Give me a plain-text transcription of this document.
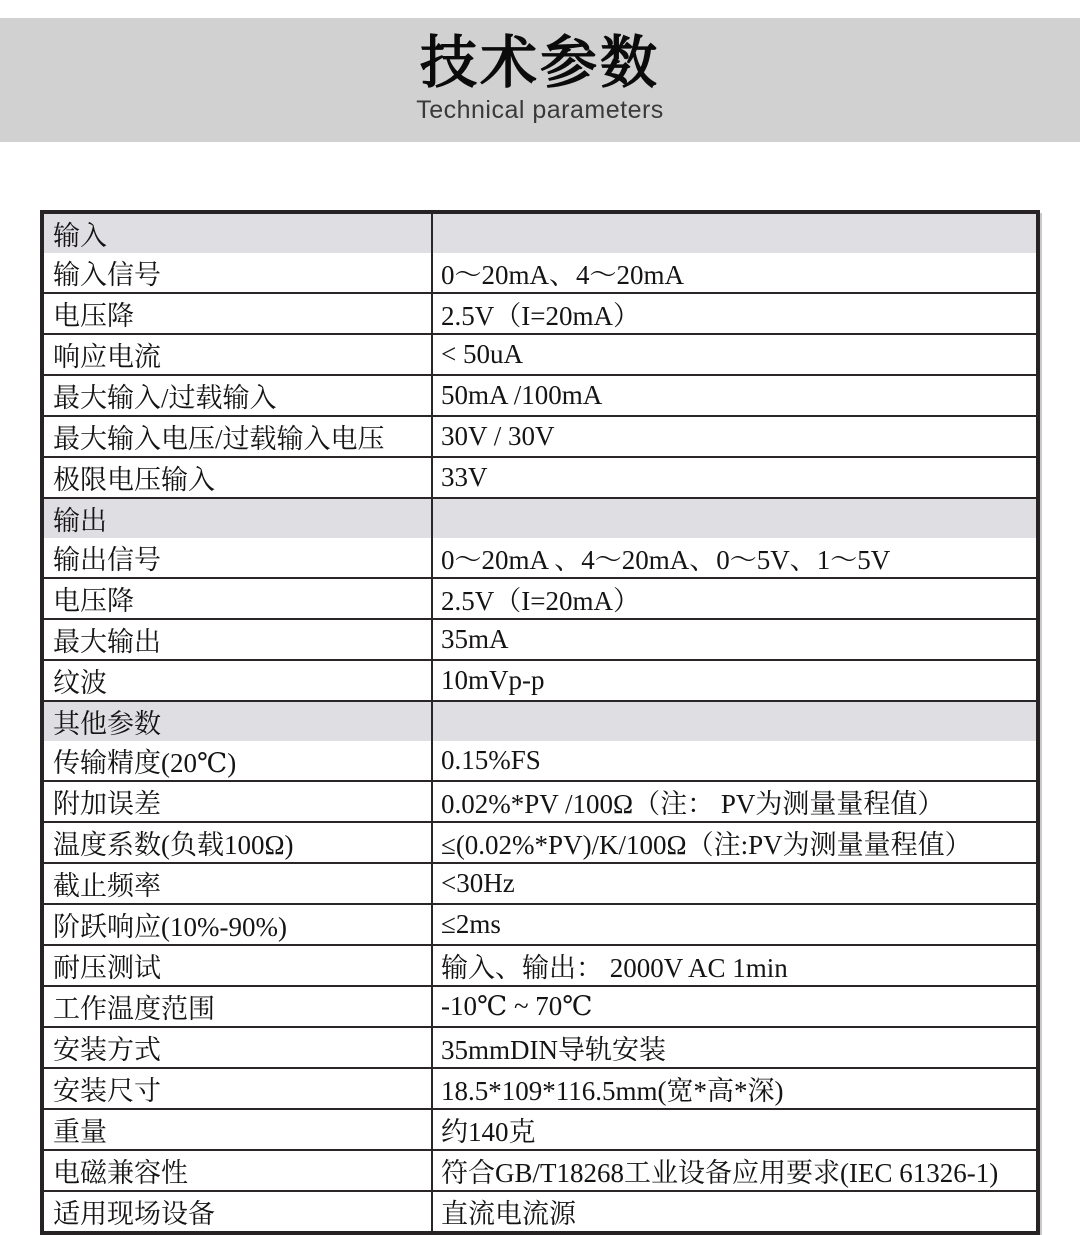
技术参数
Technical parameters
输入	
输入信号	0～20mA、4～20mA
电压降	2.5V（I=20mA）
响应电流	< 50uA
最大输入/过载输入	50mA /100mA
最大输入电压/过载输入电压	30V / 30V
极限电压输入	33V
输出	
输出信号	0～20mA 、4～20mA、0～5V、1～5V
电压降	2.5V（I=20mA）
最大输出	35mA
纹波	10mVp-p
其他参数	
传输精度(20℃)	0.15%FS
附加误差	0.02%*PV /100Ω（注： PV为测量量程值）
温度系数(负载100Ω)	≤(0.02%*PV)/K/100Ω（注:PV为测量量程值）
截止频率	<30Hz
阶跃响应(10%-90%)	≤2ms
耐压测试	输入、输出： 2000V AC 1min
工作温度范围	-10℃ ~ 70℃
安装方式	35mmDIN导轨安装
安装尺寸	18.5*109*116.5mm(宽*高*深)
重量	约140克
电磁兼容性	符合GB/T18268工业设备应用要求(IEC 61326-1)
适用现场设备	直流电流源
